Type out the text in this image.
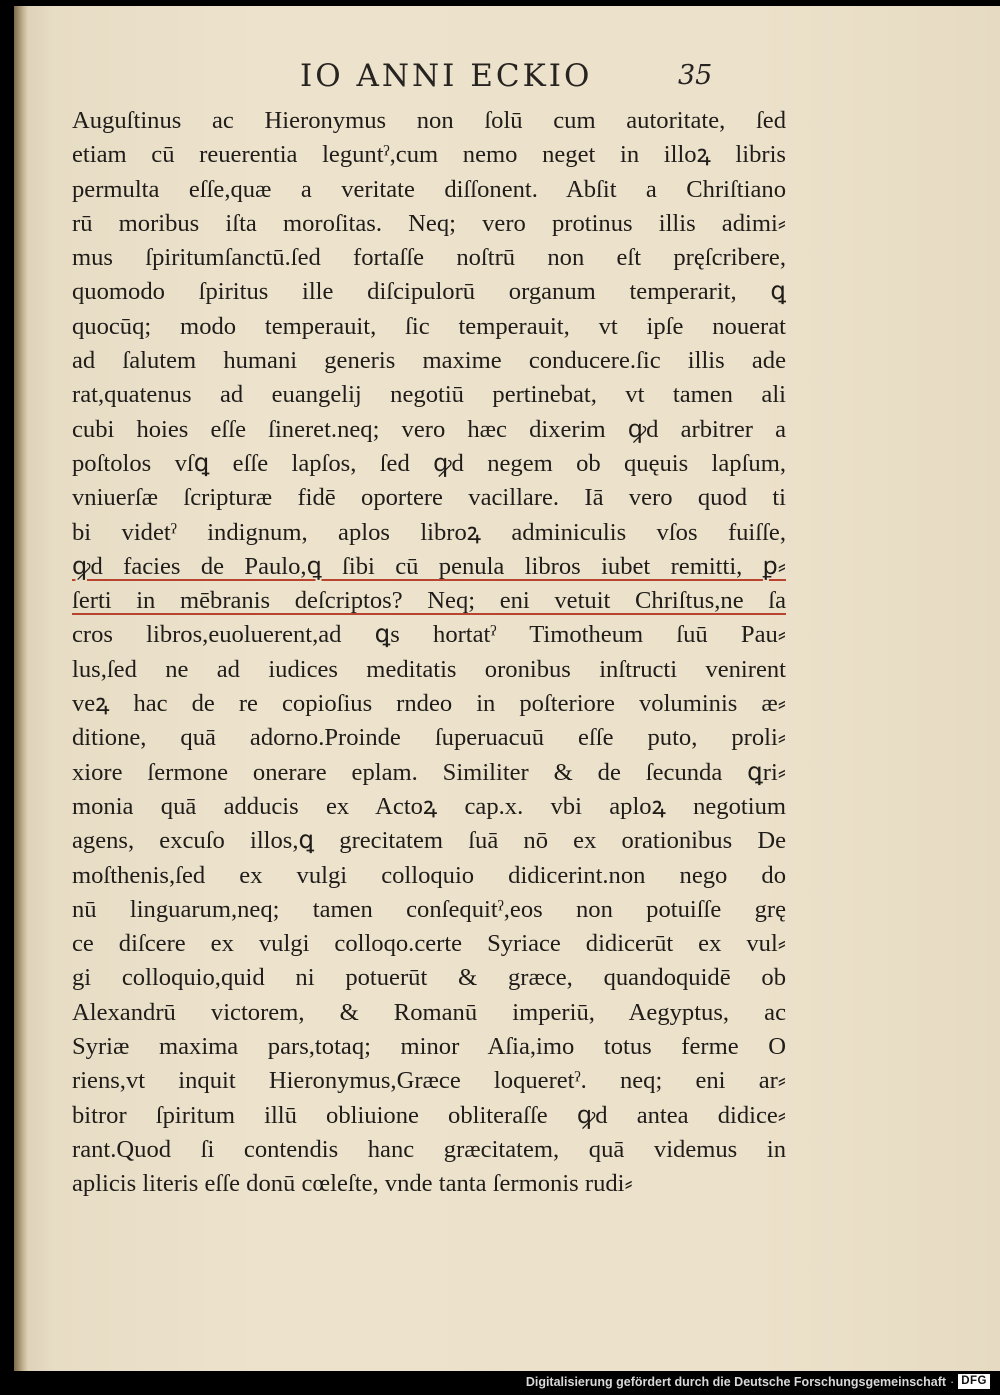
IO ANNI ECKIO	35
Auguſtinus ac Hieronymus non ſolū cum autoritate, ſed
etiam cū reuerentia leguntˀ,cum nemo neget in illoꝝ libris
permulta eſſe,quæ a veritate diſſonent. Abſit a Chriſtiano
rū moribus iſta moroſitas. Neq; vero protinus illis adimi⸗
mus ſpiritumſanctū.ſed fortaſſe noſtrū non eſt pręſcribere,
quomodo ſpiritus ille diſcipulorū organum temperarit, ꝗ
quocūq; modo temperauit, ſic temperauit, vt ipſe nouerat
ad ſalutem humani generis maxime conducere.ſic illis ade
rat,quatenus ad euangelij negotiū pertinebat, vt tamen ali
cubi hoies eſſe ſineret.neq; vero hæc dixerim ꝙd arbitrer a
poſtolos vſꝗ eſſe lapſos, ſed ꝙd negem ob quęuis lapſum,
vniuerſæ ſcripturæ fidē oportere vacillare. Iā vero quod ti
bi videtˀ indignum, aplos libroꝝ adminiculis vſos fuiſſe,
ꝙd facies de Paulo,ꝗ ſibi cū penula libros iubet remitti, ꝑ⸗
ſerti in mēbranis deſcriptos? Neq; eni vetuit Chriſtus,ne ſa
cros libros,euoluerent,ad ꝗs hortatˀ Timotheum ſuū Pau⸗
lus,ſed ne ad iudices meditatis oronibus inſtructi venirent
veꝝ hac de re copioſius rndeo in poſteriore voluminis æ⸗
ditione, quā adorno.Proinde ſuperuacuū eſſe puto, proli⸗
xiore ſermone onerare eplam. Similiter & de ſecunda ꝗri⸗
monia quā adducis ex Actoꝝ cap.x. vbi aploꝝ negotium
agens, excuſo illos,ꝗ grecitatem ſuā nō ex orationibus De
moſthenis,ſed ex vulgi colloquio didicerint.non nego do
nū linguarum,neq; tamen conſequitˀ,eos non potuiſſe grę
ce diſcere ex vulgi colloqo.certe Syriace didicerūt ex vul⸗
gi colloquio,quid ni potuerūt & græce, quandoquidē ob
Alexandrū victorem, & Romanū imperiū, Aegyptus, ac
Syriæ maxima pars,totaq; minor Aſia,imo totus ferme O
riens,vt inquit Hieronymus,Græce loqueretˀ. neq; eni ar⸗
bitror ſpiritum illū obliuione obliteraſſe ꝙd antea didice⸗
rant.Quod ſi contendis hanc græcitatem, quā videmus in
aplicis literis eſſe donū cœleſte, vnde tanta ſermonis rudi⸗
Digitalisierung gefördert durch die Deutsche Forschungsgemeinschaft · DFG
